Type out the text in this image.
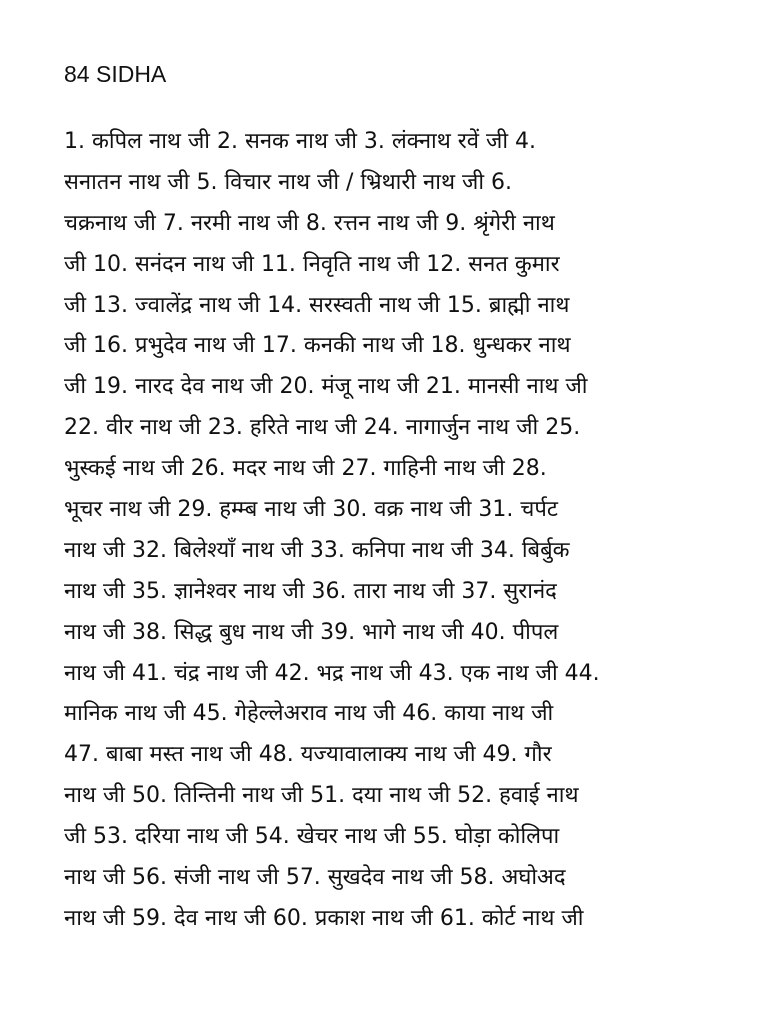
84 SIDHA
1. कपिल नाथ जी 2. सनक नाथ जी 3. लंक्नाथ रवें जी 4.
सनातन नाथ जी 5. विचार नाथ जी / भ्रिथारी नाथ जी 6.
चक्रनाथ जी 7. नरमी नाथ जी 8. रत्तन नाथ जी 9. श्रृंगेरी नाथ
जी 10. सनंदन नाथ जी 11. निवृति नाथ जी 12. सनत कुमार
जी 13. ज्वालेंद्र नाथ जी 14. सरस्वती नाथ जी 15. ब्राह्मी नाथ
जी 16. प्रभुदेव नाथ जी 17. कनकी नाथ जी 18. धुन्धकर नाथ
जी 19. नारद देव नाथ जी 20. मंजू नाथ जी 21. मानसी नाथ जी
22. वीर नाथ जी 23. हरिते नाथ जी 24. नागार्जुन नाथ जी 25.
भुस्कई नाथ जी 26. मदर नाथ जी 27. गाहिनी नाथ जी 28.
भूचर नाथ जी 29. हम्म्ब नाथ जी 30. वक्र नाथ जी 31. चर्पट
नाथ जी 32. बिलेश्याँ नाथ जी 33. कनिपा नाथ जी 34. बिर्बुक
नाथ जी 35. ज्ञानेश्वर नाथ जी 36. तारा नाथ जी 37. सुरानंद
नाथ जी 38. सिद्ध बुध नाथ जी 39. भागे नाथ जी 40. पीपल
नाथ जी 41. चंद्र नाथ जी 42. भद्र नाथ जी 43. एक नाथ जी 44.
मानिक नाथ जी 45. गेहेल्लेअराव नाथ जी 46. काया नाथ जी
47. बाबा मस्त नाथ जी 48. यज्यावालाक्य नाथ जी 49. गौर
नाथ जी 50. तिन्तिनी नाथ जी 51. दया नाथ जी 52. हवाई नाथ
जी 53. दरिया नाथ जी 54. खेचर नाथ जी 55. घोड़ा कोलिपा
नाथ जी 56. संजी नाथ जी 57. सुखदेव नाथ जी 58. अघोअद
नाथ जी 59. देव नाथ जी 60. प्रकाश नाथ जी 61. कोर्ट नाथ जी
